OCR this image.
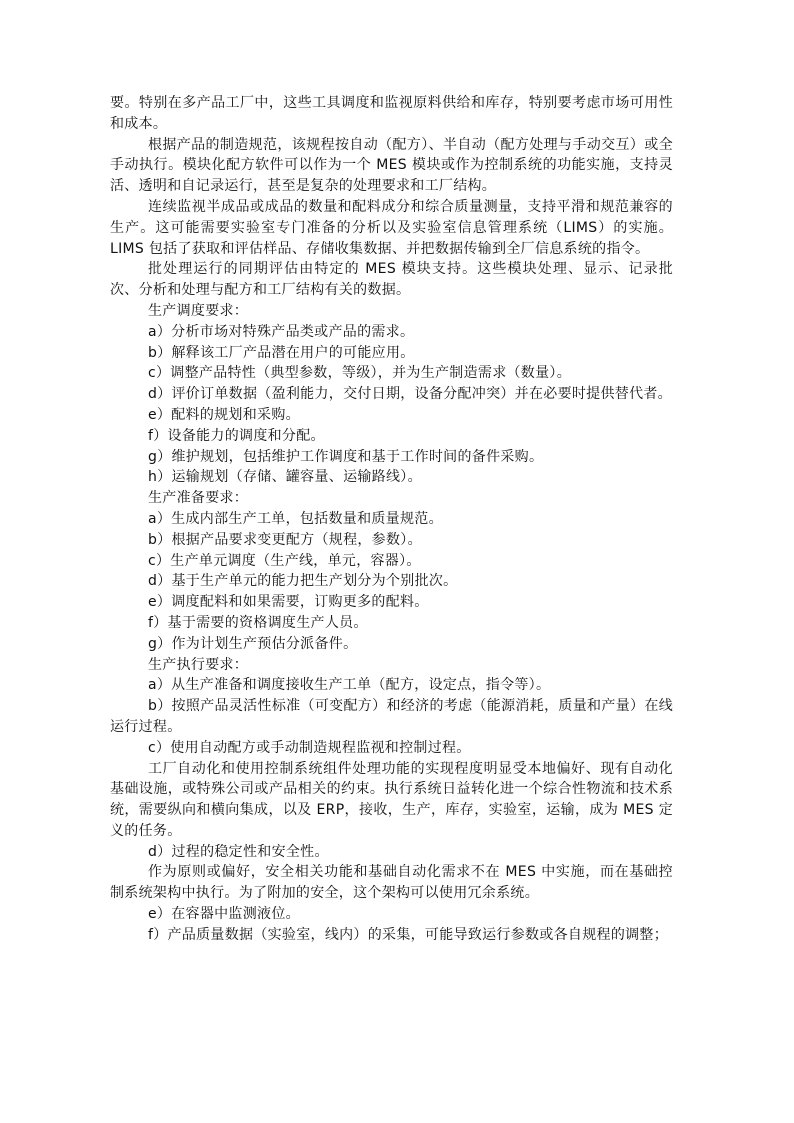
要。特别在多产品工厂中，这些工具调度和监视原料供给和库存，特别要考虑市场可用性和成本。

根据产品的制造规范，该规程按自动（配方）、半自动（配方处理与手动交互）或全手动执行。模块化配方软件可以作为一个 MES 模块或作为控制系统的功能实施，支持灵活、透明和自记录运行，甚至是复杂的处理要求和工厂结构。

连续监视半成品或成品的数量和配料成分和综合质量测量，支持平滑和规范兼容的生产。这可能需要实验室专门准备的分析以及实验室信息管理系统（LIMS）的实施。LIMS 包括了获取和评估样品、存储收集数据、并把数据传输到全厂信息系统的指令。

批处理运行的同期评估由特定的 MES 模块支持。这些模块处理、显示、记录批次、分析和处理与配方和工厂结构有关的数据。

生产调度要求：

a）分析市场对特殊产品类或产品的需求。

b）解释该工厂产品潜在用户的可能应用。

c）调整产品特性（典型参数，等级），并为生产制造需求（数量）。

d）评价订单数据（盈利能力，交付日期，设备分配冲突）并在必要时提供替代者。

e）配料的规划和采购。

f）设备能力的调度和分配。

g）维护规划，包括维护工作调度和基于工作时间的备件采购。

h）运输规划（存储、罐容量、运输路线）。

生产准备要求：

a）生成内部生产工单，包括数量和质量规范。

b）根据产品要求变更配方（规程，参数）。

c）生产单元调度（生产线，单元，容器）。

d）基于生产单元的能力把生产划分为个别批次。

e）调度配料和如果需要，订购更多的配料。

f）基于需要的资格调度生产人员。

g）作为计划生产预估分派备件。

生产执行要求：

a）从生产准备和调度接收生产工单（配方，设定点，指令等）。

b）按照产品灵活性标准（可变配方）和经济的考虑（能源消耗，质量和产量）在线运行过程。

c）使用自动配方或手动制造规程监视和控制过程。

工厂自动化和使用控制系统组件处理功能的实现程度明显受本地偏好、现有自动化基础设施，或特殊公司或产品相关的约束。执行系统日益转化进一个综合性物流和技术系统，需要纵向和横向集成，以及 ERP，接收，生产，库存，实验室，运输，成为 MES 定义的任务。

d）过程的稳定性和安全性。

作为原则或偏好，安全相关功能和基础自动化需求不在 MES 中实施，而在基础控制系统架构中执行。为了附加的安全，这个架构可以使用冗余系统。

e）在容器中监测液位。

f）产品质量数据（实验室，线内）的采集，可能导致运行参数或各自规程的调整；
